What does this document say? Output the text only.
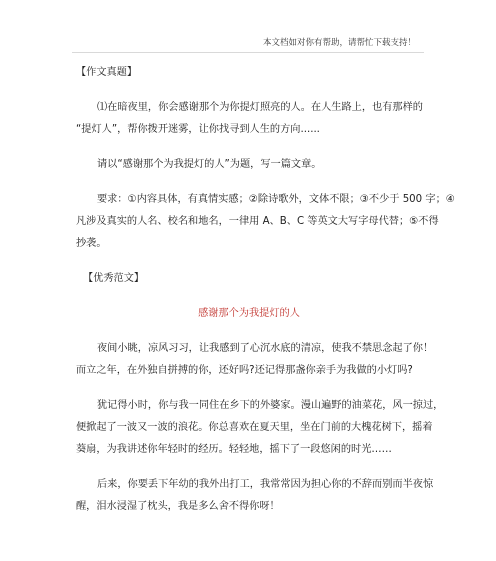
本文档如对你有帮助，请帮忙下载支持！

【作文真题】

⑴在暗夜里，你会感谢那个为你提灯照亮的人。在人生路上，也有那样的

“提灯人”，帮你拨开迷雾，让你找寻到人生的方向......

请以“感谢那个为我提灯的人”为题，写一篇文章。

要求：①内容具体，有真情实感；②除诗歌外，文体不限；③不少于 500 字；④

凡涉及真实的人名、校名和地名，一律用 A、B、C 等英文大写字母代替；⑤不得

抄袭。

【优秀范文】

感谢那个为我提灯的人

夜间小眺，凉风习习，让我感到了心沉水底的清凉，使我不禁思念起了你！

而立之年，在外独自拼搏的你，还好吗?还记得那盏你亲手为我做的小灯吗?

犹记得小时，你与我一同住在乡下的外婆家。漫山遍野的油菜花，风一掠过，

便掀起了一波又一波的浪花。你总喜欢在夏天里，坐在门前的大槐花树下，摇着

葵扇，为我讲述你年轻时的经历。轻轻地，摇下了一段悠闲的时光……

后来，你要丢下年幼的我外出打工，我常常因为担心你的不辞而别而半夜惊

醒，泪水浸湿了枕头，我是多么舍不得你呀！
